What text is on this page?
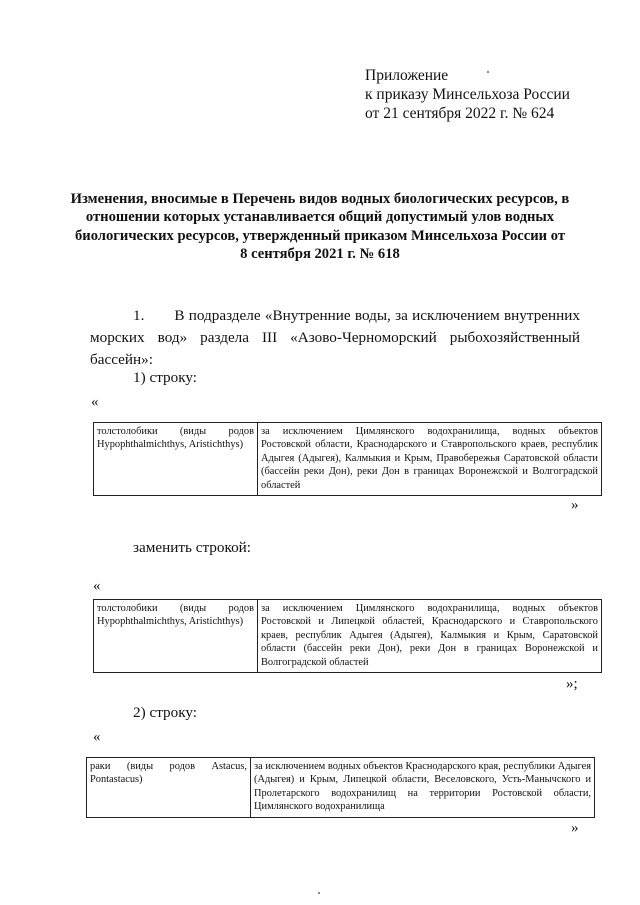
Приложение
к приказу Минсельхоза России
от 21 сентября 2022 г. № 624
Изменения, вносимые в Перечень видов водных биологических ресурсов, в отношении которых устанавливается общий допустимый улов водных биологических ресурсов, утвержденный приказом Минсельхоза России от 8 сентября 2021 г. № 618
1. В подразделе «Внутренние воды, за исключением внутренних морских вод» раздела III «Азово-Черноморский рыбохозяйственный бассейн»:
1) строку:
«
толстолобики (виды родов Hypophthalmichthys, Aristichthys)	за исключением Цимлянского водохранилища, водных объектов Ростовской области, Краснодарского и Ставропольского краев, республик Адыгея (Адыгея), Калмыкия и Крым, Правобережья Саратовской области (бассейн реки Дон), реки Дон в границах Воронежской и Волгоградской областей
»
заменить строкой:
«
толстолобики (виды родов Hypophthalmichthys, Aristichthys)	за исключением Цимлянского водохранилища, водных объектов Ростовской и Липецкой областей, Краснодарского и Ставропольского краев, республик Адыгея (Адыгея), Калмыкия и Крым, Саратовской области (бассейн реки Дон), реки Дон в границах Воронежской и Волгоградской областей
»;
2) строку:
«
раки (виды родов Astacus, Pontastacus)	за исключением водных объектов Краснодарского края, республики Адыгея (Адыгея) и Крым, Липецкой области, Веселовского, Усть-Манычского и Пролетарского водохранилищ на территории Ростовской области, Цимлянского водохранилища
»
